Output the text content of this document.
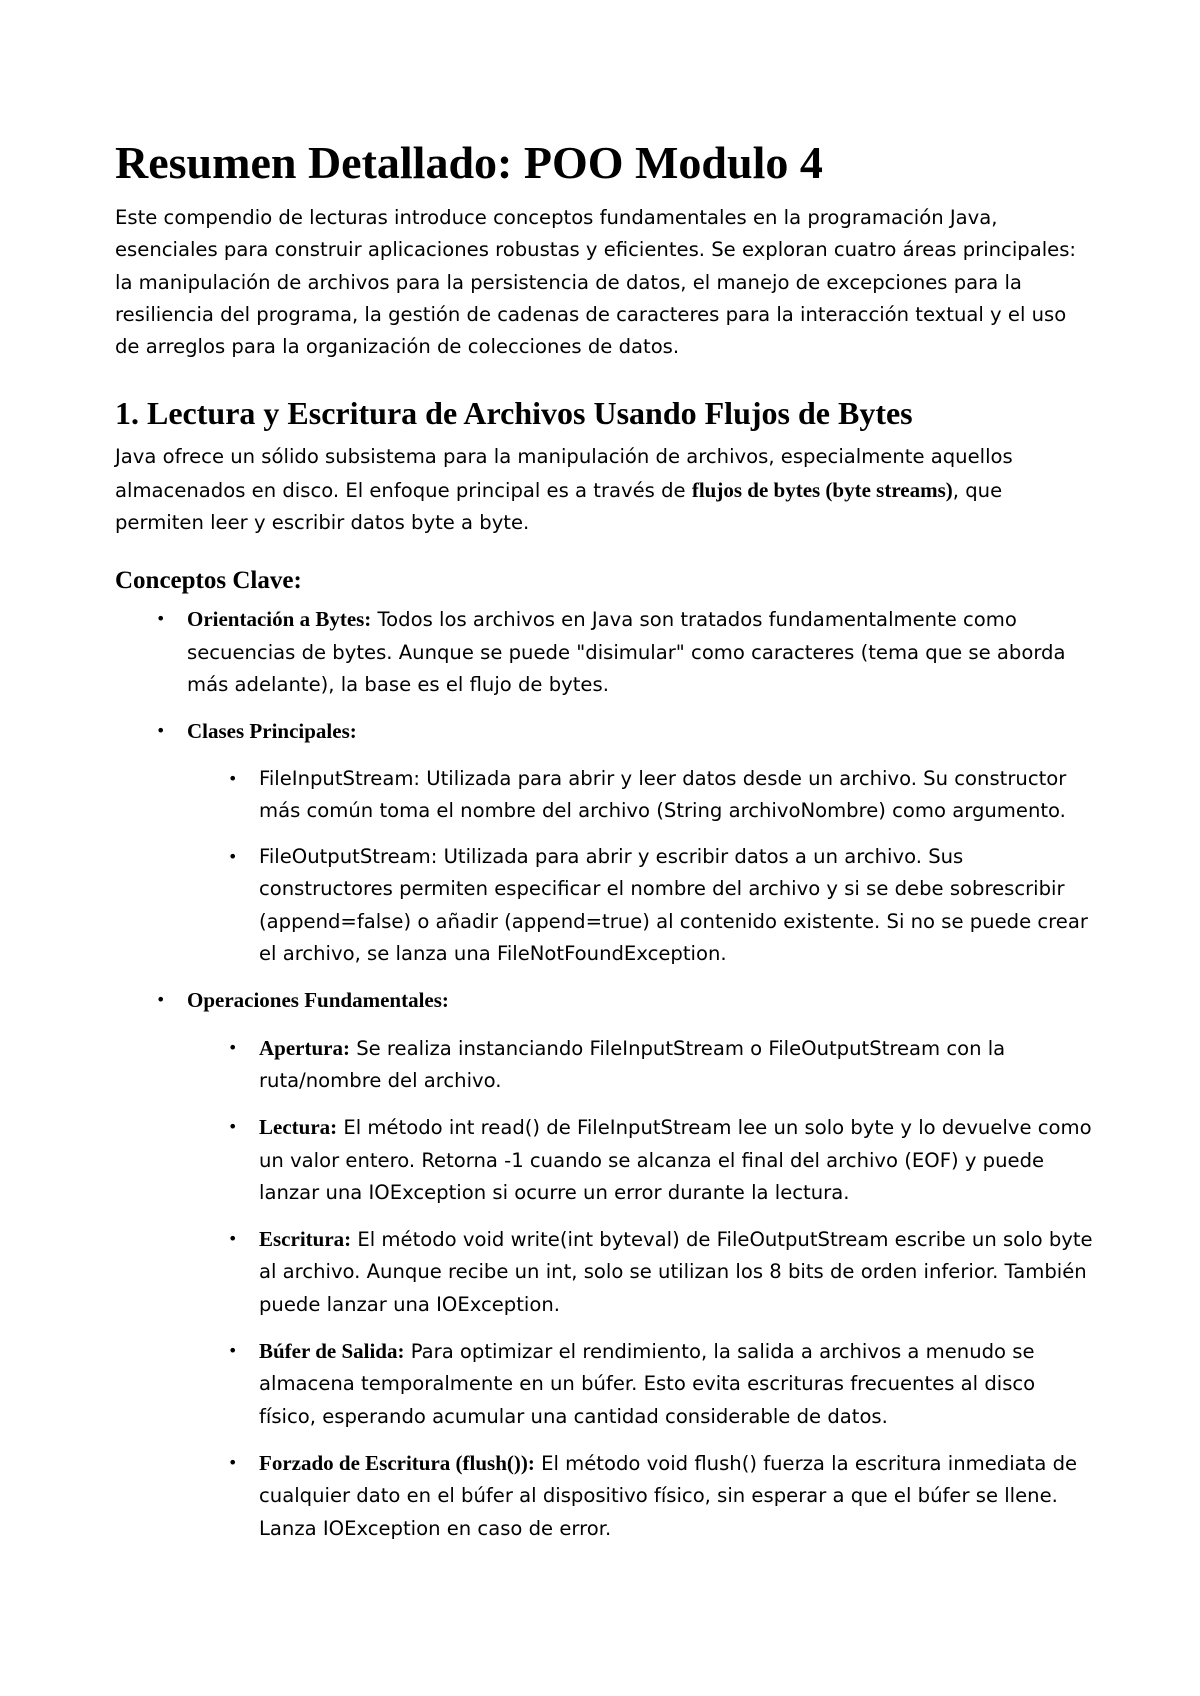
Resumen Detallado: POO Modulo 4

Este compendio de lecturas introduce conceptos fundamentales en la programación Java, esenciales para construir aplicaciones robustas y eficientes. Se exploran cuatro áreas principales: la manipulación de archivos para la persistencia de datos, el manejo de excepciones para la resiliencia del programa, la gestión de cadenas de caracteres para la interacción textual y el uso de arreglos para la organización de colecciones de datos.

1. Lectura y Escritura de Archivos Usando Flujos de Bytes

Java ofrece un sólido subsistema para la manipulación de archivos, especialmente aquellos almacenados en disco. El enfoque principal es a través de flujos de bytes (byte streams), que permiten leer y escribir datos byte a byte.

Conceptos Clave:
• Orientación a Bytes: Todos los archivos en Java son tratados fundamentalmente como secuencias de bytes. Aunque se puede "disimular" como caracteres (tema que se aborda más adelante), la base es el flujo de bytes.
• Clases Principales:
• FileInputStream: Utilizada para abrir y leer datos desde un archivo. Su constructor más común toma el nombre del archivo (String archivoNombre) como argumento.
• FileOutputStream: Utilizada para abrir y escribir datos a un archivo. Sus constructores permiten especificar el nombre del archivo y si se debe sobrescribir (append=false) o añadir (append=true) al contenido existente. Si no se puede crear el archivo, se lanza una FileNotFoundException.
• Operaciones Fundamentales:
• Apertura: Se realiza instanciando FileInputStream o FileOutputStream con la ruta/nombre del archivo.
• Lectura: El método int read() de FileInputStream lee un solo byte y lo devuelve como un valor entero. Retorna -1 cuando se alcanza el final del archivo (EOF) y puede lanzar una IOException si ocurre un error durante la lectura.
• Escritura: El método void write(int byteval) de FileOutputStream escribe un solo byte al archivo. Aunque recibe un int, solo se utilizan los 8 bits de orden inferior. También puede lanzar una IOException.
• Búfer de Salida: Para optimizar el rendimiento, la salida a archivos a menudo se almacena temporalmente en un búfer. Esto evita escrituras frecuentes al disco físico, esperando acumular una cantidad considerable de datos.
• Forzado de Escritura (flush()): El método void flush() fuerza la escritura inmediata de cualquier dato en el búfer al dispositivo físico, sin esperar a que el búfer se llene. Lanza IOException en caso de error.
